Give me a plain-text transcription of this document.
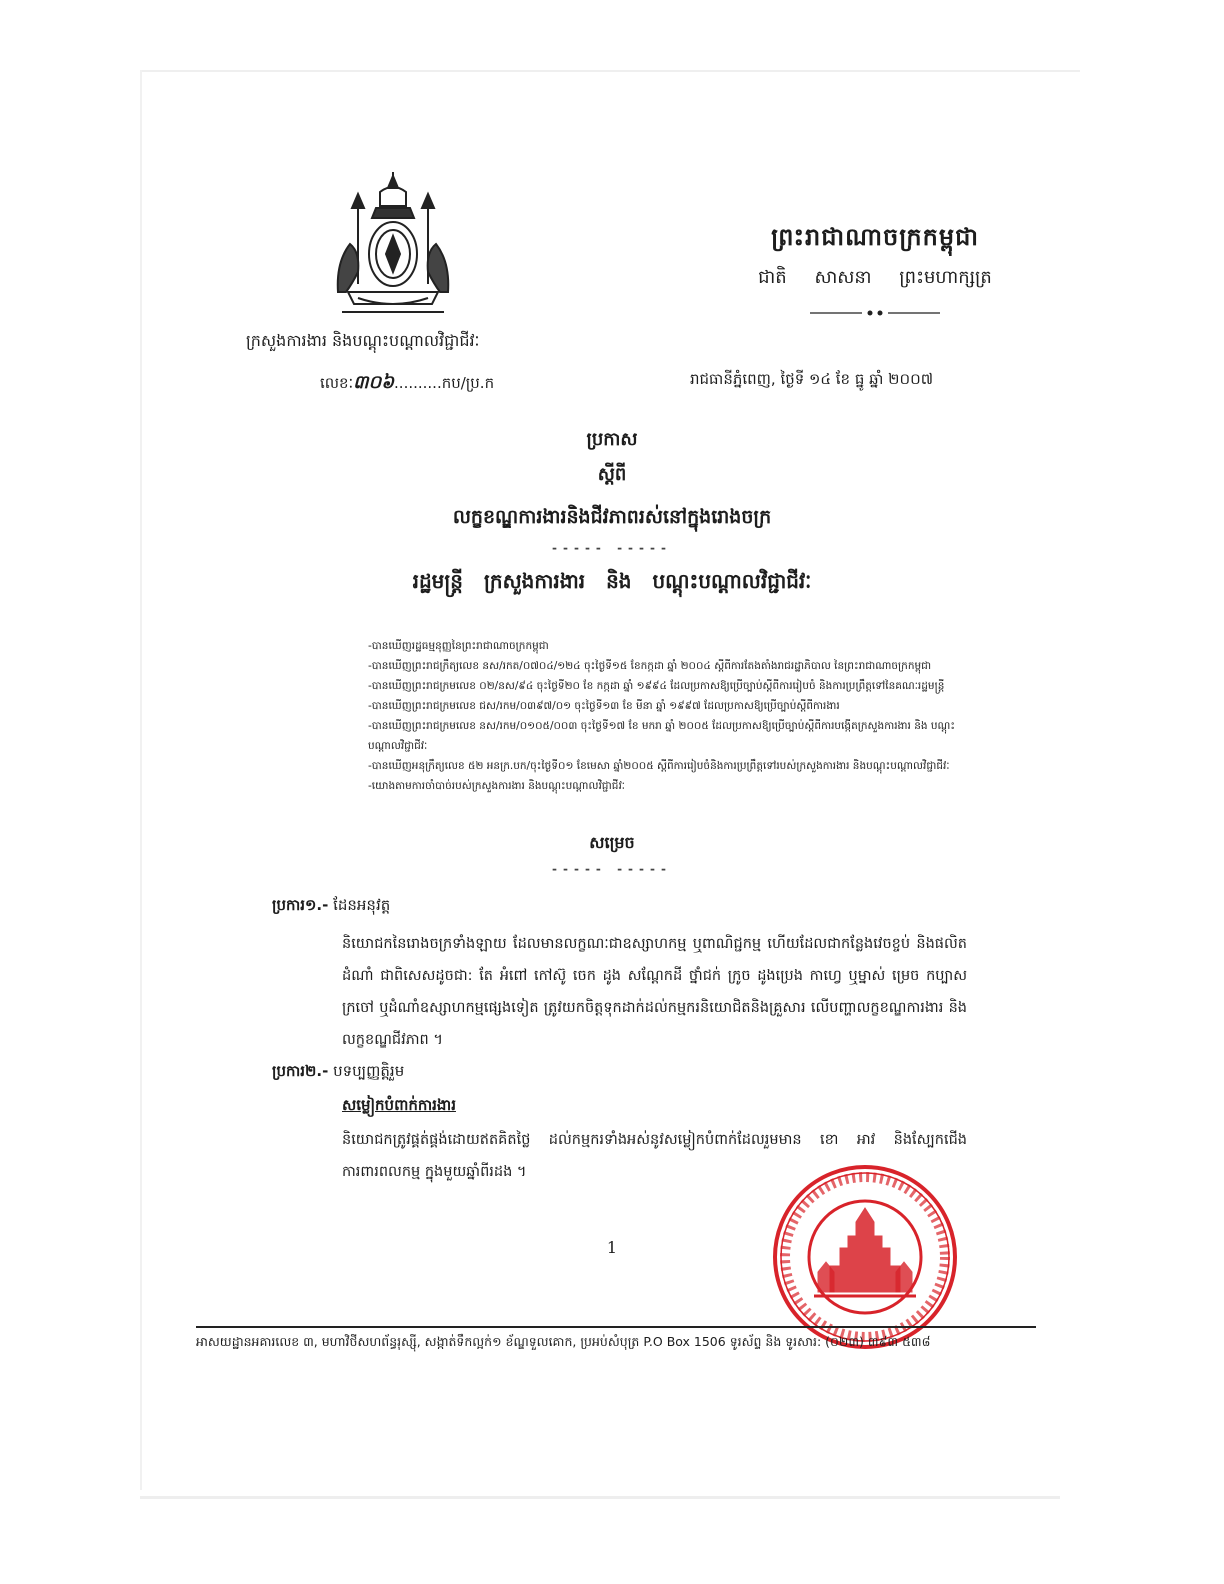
ព្រះរាជាណាចក្រកម្ពុជា
ជាតិ សាសនា ព្រះមហាក្សត្រ
ក្រសួងការងារ និងបណ្តុះបណ្តាលវិជ្ជាជីវៈ
លេខៈ៣០៦..........កប/ប្រ.ក	រាជធានីភ្នំពេញ, ថ្ងៃទី ១៤ ខែ ធ្នូ ឆ្នាំ ២០០៧
ប្រកាស
ស្តីពី
លក្ខខណ្ឌការងារនិងជីវភាពរស់នៅក្នុងរោងចក្រ
----- -----
រដ្ឋមន្រ្តី ក្រសួងការងារ និង បណ្តុះបណ្តាលវិជ្ជាជីវៈ
-បានឃើញរដ្ឋធម្មនុញ្ញនៃព្រះរាជាណាចក្រកម្ពុជា
-បានឃើញព្រះរាជក្រឹត្យលេខ នស/រកត/០៧០៤/១២៤ ចុះថ្ងៃទី១៥ ខែកក្កដា ឆ្នាំ ២០០៤ ស្តីពីការតែងតាំងរាជរដ្ឋាភិបាល នៃព្រះរាជាណាចក្រកម្ពុជា
-បានឃើញព្រះរាជក្រមលេខ ០២/នស/៩៤ ចុះថ្ងៃទី២០ ខែ កក្កដា ឆ្នាំ ១៩៩៤ ដែលប្រកាសឱ្យប្រើច្បាប់ស្តីពីការរៀបចំ និងការប្រព្រឹត្តទៅនៃគណៈរដ្ឋមន្ត្រី
-បានឃើញព្រះរាជក្រមលេខ ជស/រកម/០៣៩៧/០១ ចុះថ្ងៃទី១៣ ខែ មីនា ឆ្នាំ ១៩៩៧ ដែលប្រកាសឱ្យប្រើច្បាប់ស្តីពីការងារ
-បានឃើញព្រះរាជក្រមលេខ នស/រកម/០១០៥/០០៣ ចុះថ្ងៃទី១៧ ខែ មករា ឆ្នាំ ២០០៥ ដែលប្រកាសឱ្យប្រើច្បាប់ស្តីពីការបង្កើតក្រសួងការងារ និង បណ្តុះ
បណ្តាលវិជ្ជាជីវៈ
-បានឃើញអនុក្រឹត្យលេខ ៥២ អនក្រ.បក/ចុះថ្ងៃទី០១ ខែមេសា ឆ្នាំ២០០៥ ស្តីពីការរៀបចំនិងការប្រព្រឹត្តទៅរបស់ក្រសួងការងារ និងបណ្តុះបណ្តាលវិជ្ជាជីវៈ
-យោងតាមការចាំបាច់របស់ក្រសួងការងារ និងបណ្តុះបណ្តាលវិជ្ជាជីវៈ
សម្រេច
----- -----
ប្រការ១.- ដែនអនុវត្ត
និយោជកនៃរោងចក្រទាំងឡាយ ដែលមានលក្ខណៈជាឧស្សាហកម្ម ឬពាណិជ្ជកម្ម ហើយដែលជាកន្លែងវេចខ្ចប់ និងផលិតដំណាំ ជាពិសេសដូចជា: តែ អំពៅ កៅស៊ូ ចេក ដូង សណ្តែកដី ថ្នាំជក់ ក្រូច ដូងប្រេង កាហ្វេ ឬម្នាស់ ម្រេច កប្បាស ក្រចៅ ឬដំណាំឧស្សាហកម្មផ្សេងទៀត ត្រូវយកចិត្តទុកដាក់ដល់កម្មករនិយោជិតនិងគ្រួសារ លើបញ្ហាលក្ខខណ្ឌការងារ និងលក្ខខណ្ឌជីវភាព ។
ប្រការ២.- បទប្បញ្ញត្តិរួម
សម្លៀកបំពាក់ការងារ
និយោជកត្រូវផ្គត់ផ្គង់ដោយឥតគិតថ្លៃ ដល់កម្មករទាំងអស់នូវសម្លៀកបំពាក់ដែលរួមមាន ខោ អាវ និងស្បែកជើងការពារពលកម្ម ក្នុងមួយឆ្នាំពីរដង ។
1
អាសយដ្ឋានអគារលេខ ៣, មហាវិថីសហព័ន្ធរុស្ស៊ី, សង្កាត់ទឹកល្អក់១ ខ័ណ្ឌទួលគោក, ប្រអប់សំបុត្រ P.O Box 1506 ទូរស័ព្ទ និង ទូរសារ: (០២៣) ៣៩៣ ៥៣៨
